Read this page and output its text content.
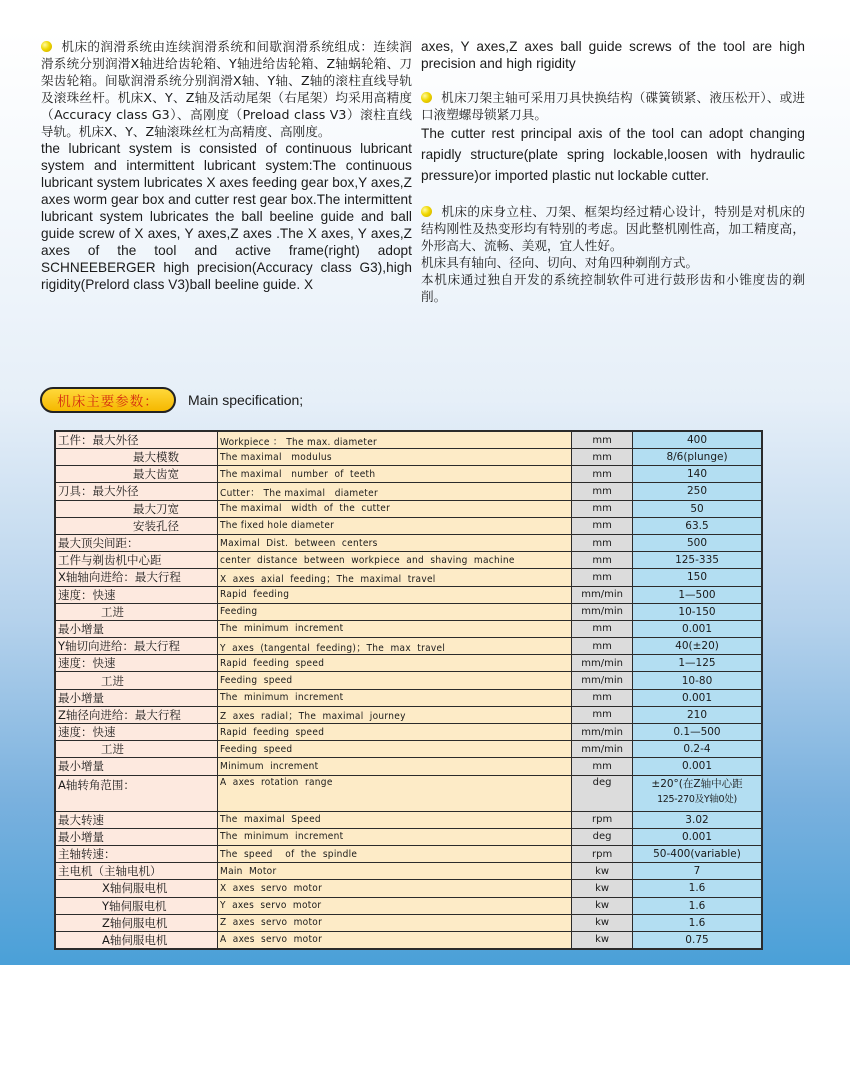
机床的润滑系统由连续润滑系统和间歇润滑系统组成：连续润滑系统分别润滑X轴进给齿轮箱、Y轴进给齿轮箱、Z轴蜗轮箱、刀架齿轮箱。间歇润滑系统分别润滑X轴、Y轴、Z轴的滚柱直线导轨及滚珠丝杆。机床X、Y、Z轴及活动尾架（右尾架）均采用高精度（Accuracy class G3）、高刚度（Preload class V3）滚柱直线导轨。机床X、Y、Z轴滚珠丝杠为高精度、高刚度。

the lubricant system is consisted of continuous lubricant system and intermittent lubricant system:The continuous lubricant system lubricates X axes feeding gear box,Y axes,Z axes worm gear box and cutter rest gear box.The intermittent lubricant system lubricates the ball beeline guide and ball guide screw of X axes, Y axes,Z axes .The X axes, Y axes,Z axes of the tool and active frame(right) adopt SCHNEEBERGER high precision(Accuracy class G3),high rigidity(Prelord class V3)ball beeline guide. X

axes, Y axes,Z axes ball guide screws of the tool are high precision and high rigidity

机床刀架主轴可采用刀具快换结构（碟簧锁紧、液压松开）、或进口液塑螺母锁紧刀具。

The cutter rest principal axis of the tool can adopt changing rapidly structure(plate spring lockable,loosen with hydraulic pressure)or imported plastic nut lockable cutter.

机床的床身立柱、刀架、框架均经过精心设计，特别是对机床的结构刚性及热变形均有特别的考虑。因此整机刚性高，加工精度高，外形高大、流畅、美观，宜人性好。

机床具有轴向、径向、切向、对角四种剃削方式。

本机床通过独自开发的系统控制软件可进行鼓形齿和小锥度齿的剃削。

机床主要参数：	Main specification;
工件：最大外径	Workpiece ： The max. diameter	mm	400
最大模数	The maximal   modulus	mm	8/6(plunge)
最大齿宽	The maximal   number  of  teeth	mm	140
刀具：最大外径	Cutter： The maximal   diameter	mm	250
最大刀宽	The maximal   width  of  the  cutter	mm	50
安装孔径	The fixed hole diameter	mm	63.5
最大顶尖间距：	Maximal  Dist.  between  centers	mm	500
工件与剃齿机中心距	center  distance  between  workpiece  and  shaving  machine	mm	125-335
X轴轴向进给：最大行程	X  axes  axial  feeding；The  maximal  travel	mm	150
速度：快速	Rapid  feeding	mm/min	1—500
工进	Feeding	mm/min	10-150
最小增量	The  minimum  increment	mm	0.001
Y轴切向进给：最大行程	Y  axes  (tangental  feeding)；The  max  travel	mm	40(±20)
速度：快速	Rapid  feeding  speed	mm/min	1—125
工进	Feeding  speed	mm/min	10-80
最小增量	The  minimum  increment	mm	0.001
Z轴径向进给：最大行程	Z  axes  radial；The  maximal  journey	mm	210
速度：快速	Rapid  feeding  speed	mm/min	0.1—500
工进	Feeding  speed	mm/min	0.2-4
最小增量	Minimum  increment	mm	0.001
A轴转角范围：	A  axes  rotation  range	deg	±20°(在Z轴中心距
125-270及Y轴0处)

最大转速	The  maximal  Speed	rpm	3.02
最小增量	The  minimum  increment	deg	0.001
主轴转速：	The  speed    of  the  spindle	rpm	50-400(variable)
主电机（主轴电机）	Main  Motor	kw	7
X轴伺服电机	X  axes  servo  motor	kw	1.6
Y轴伺服电机	Y  axes  servo  motor	kw	1.6
Z轴伺服电机	Z  axes  servo  motor	kw	1.6
A轴伺服电机	A  axes  servo  motor	kw	0.75
